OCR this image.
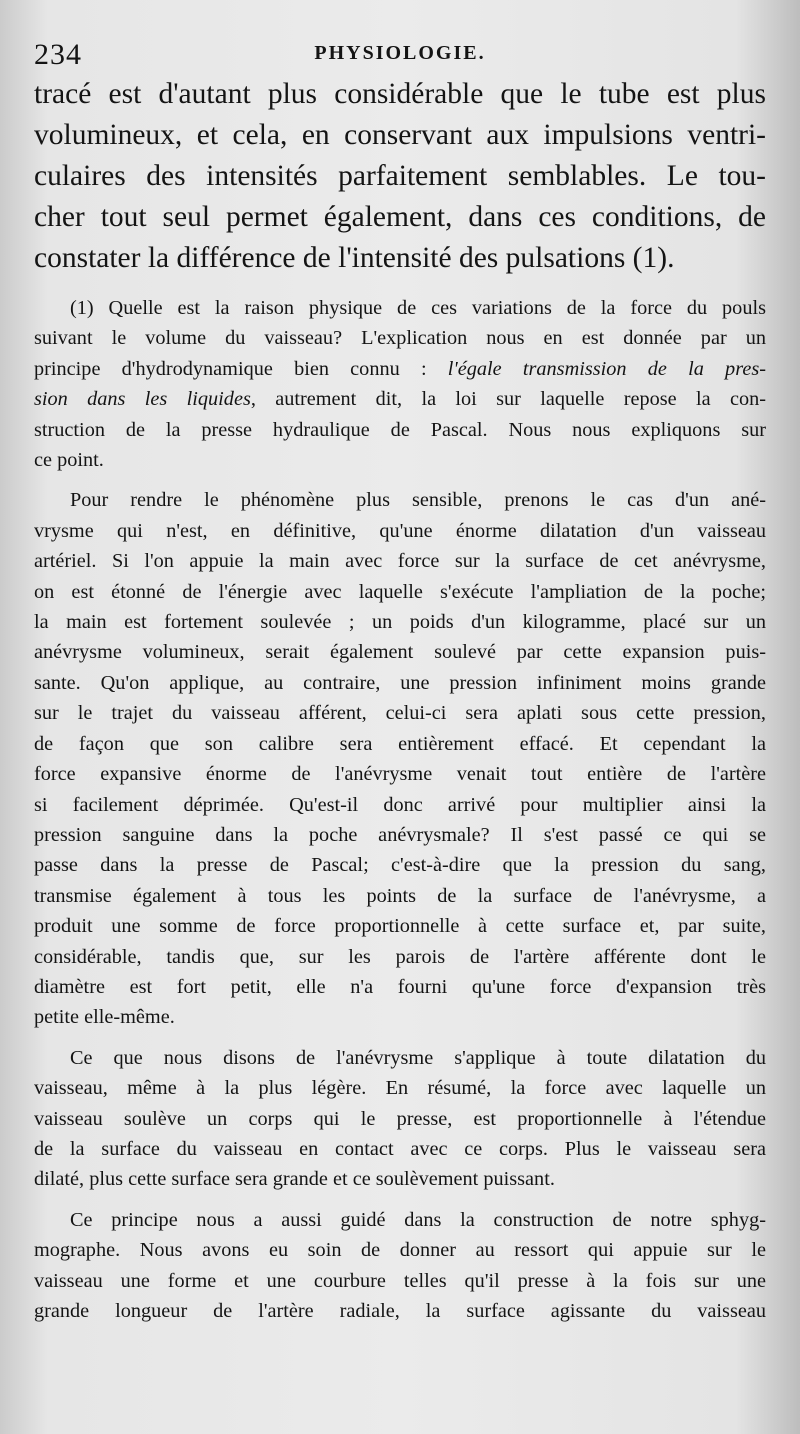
234	PHYSIOLOGIE.
tracé est d'autant plus considérable que le tube est plus
volumineux, et cela, en conservant aux impulsions ventri-
culaires des intensités parfaitement semblables. Le tou-
cher tout seul permet également, dans ces conditions, de
constater la différence de l'intensité des pulsations (1).
(1) Quelle est la raison physique de ces variations de la force du pouls
suivant le volume du vaisseau? L'explication nous en est donnée par un
principe d'hydrodynamique bien connu : l'égale transmission de la pres-
sion dans les liquides, autrement dit, la loi sur laquelle repose la con-
struction de la presse hydraulique de Pascal. Nous nous expliquons sur
ce point.
Pour rendre le phénomène plus sensible, prenons le cas d'un ané-
vrysme qui n'est, en définitive, qu'une énorme dilatation d'un vaisseau
artériel. Si l'on appuie la main avec force sur la surface de cet anévrysme,
on est étonné de l'énergie avec laquelle s'exécute l'ampliation de la poche;
la main est fortement soulevée ; un poids d'un kilogramme, placé sur un
anévrysme volumineux, serait également soulevé par cette expansion puis-
sante. Qu'on applique, au contraire, une pression infiniment moins grande
sur le trajet du vaisseau afférent, celui-ci sera aplati sous cette pression,
de façon que son calibre sera entièrement effacé. Et cependant la
force expansive énorme de l'anévrysme venait tout entière de l'artère
si facilement déprimée. Qu'est-il donc arrivé pour multiplier ainsi la
pression sanguine dans la poche anévrysmale? Il s'est passé ce qui se
passe dans la presse de Pascal; c'est-à-dire que la pression du sang,
transmise également à tous les points de la surface de l'anévrysme, a
produit une somme de force proportionnelle à cette surface et, par suite,
considérable, tandis que, sur les parois de l'artère afférente dont le
diamètre est fort petit, elle n'a fourni qu'une force d'expansion très
petite elle-même.
Ce que nous disons de l'anévrysme s'applique à toute dilatation du
vaisseau, même à la plus légère. En résumé, la force avec laquelle un
vaisseau soulève un corps qui le presse, est proportionnelle à l'étendue
de la surface du vaisseau en contact avec ce corps. Plus le vaisseau sera
dilaté, plus cette surface sera grande et ce soulèvement puissant.
Ce principe nous a aussi guidé dans la construction de notre sphyg-
mographe. Nous avons eu soin de donner au ressort qui appuie sur le
vaisseau une forme et une courbure telles qu'il presse à la fois sur une
grande longueur de l'artère radiale, la surface agissante du vaisseau
